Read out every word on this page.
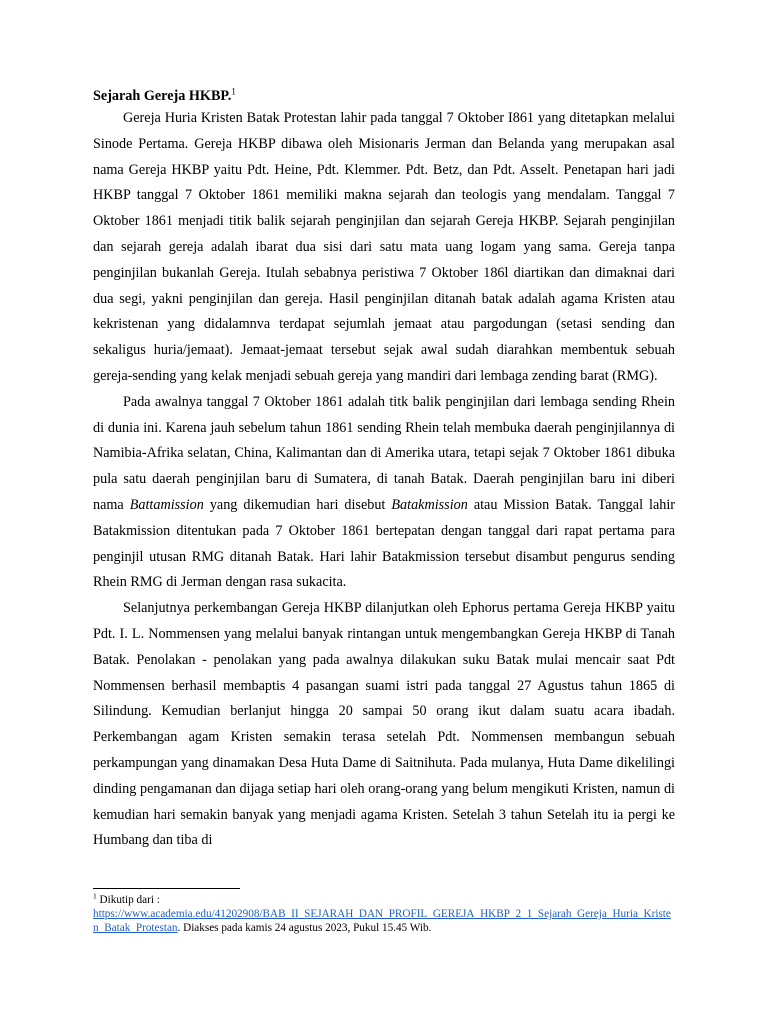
Sejarah Gereja HKBP.$^1$

Gereja Huria Kristen Batak Protestan lahir pada tanggal 7 Oktober I861 yang ditetapkan melalui Sinode Pertama. Gereja HKBP dibawa oleh Misionaris Jerman dan Belanda yang merupakan asal nama Gereja HKBP yaitu Pdt. Heine, Pdt. Klemmer. Pdt. Betz, dan Pdt. Asselt. Penetapan hari jadi HKBP tanggal 7 Oktober 1861 memiliki makna sejarah dan teologis yang mendalam. Tanggal 7 Oktober 1861 menjadi titik balik sejarah penginjilan dan sejarah Gereja HKBP. Sejarah penginjilan dan sejarah gereja adalah ibarat dua sisi dari satu mata uang logam yang sama. Gereja tanpa penginjilan bukanlah Gereja. Itulah sebabnya peristiwa 7 Oktober 186l diartikan dan dimaknai dari dua segi, yakni penginjilan dan gereja. Hasil penginjilan ditanah batak adalah agama Kristen atau kekristenan yang didalamnva terdapat sejumlah jemaat atau pargodungan (setasi sending dan sekaligus huria/jemaat). Jemaat-jemaat tersebut sejak awal sudah diarahkan membentuk sebuah gereja-sending yang kelak menjadi sebuah gereja yang mandiri dari lembaga zending barat (RMG).

Pada awalnya tanggal 7 Oktober 1861 adalah titk balik penginjilan dari lembaga sending Rhein di dunia ini. Karena jauh sebelum tahun 1861 sending Rhein telah membuka daerah penginjilannya di Namibia-Afrika selatan, China, Kalimantan dan di Amerika utara, tetapi sejak 7 Oktober 1861 dibuka pula satu daerah penginjilan baru di Sumatera, di tanah Batak. Daerah penginjilan baru ini diberi nama Battamission yang dikemudian hari disebut Batakmission atau Mission Batak. Tanggal lahir Batakmission ditentukan pada 7 Oktober 1861 bertepatan dengan tanggal dari rapat pertama para penginjil utusan RMG ditanah Batak. Hari lahir Batakmission tersebut disambut pengurus sending Rhein RMG di Jerman dengan rasa sukacita.

Selanjutnya perkembangan Gereja HKBP dilanjutkan oleh Ephorus pertama Gereja HKBP yaitu Pdt. I. L. Nommensen yang melalui banyak rintangan untuk mengembangkan Gereja HKBP di Tanah Batak. Penolakan - penolakan yang pada awalnya dilakukan suku Batak mulai mencair saat Pdt Nommensen berhasil membaptis 4 pasangan suami istri pada tanggal 27 Agustus tahun 1865 di Silindung. Kemudian berlanjut hingga 20 sampai 50 orang ikut dalam suatu acara ibadah. Perkembangan agam Kristen semakin terasa setelah Pdt. Nommensen membangun sebuah perkampungan yang dinamakan Desa Huta Dame di Saitnihuta. Pada mulanya, Huta Dame dikelilingi dinding pengamanan dan dijaga setiap hari oleh orang-orang yang belum mengikuti Kristen, namun di kemudian hari semakin banyak yang menjadi agama Kristen. Setelah 3 tahun Setelah itu ia pergi ke Humbang dan tiba di

$^1$ Dikutip dari :
https://www.academia.edu/41202908/BAB_II_SEJARAH_DAN_PROFIL_GEREJA_HKBP_2_1_Sejarah_Gereja_Huria_Kristen_Batak_Protestan. Diakses pada kamis 24 agustus 2023, Pukul 15.45 Wib.
